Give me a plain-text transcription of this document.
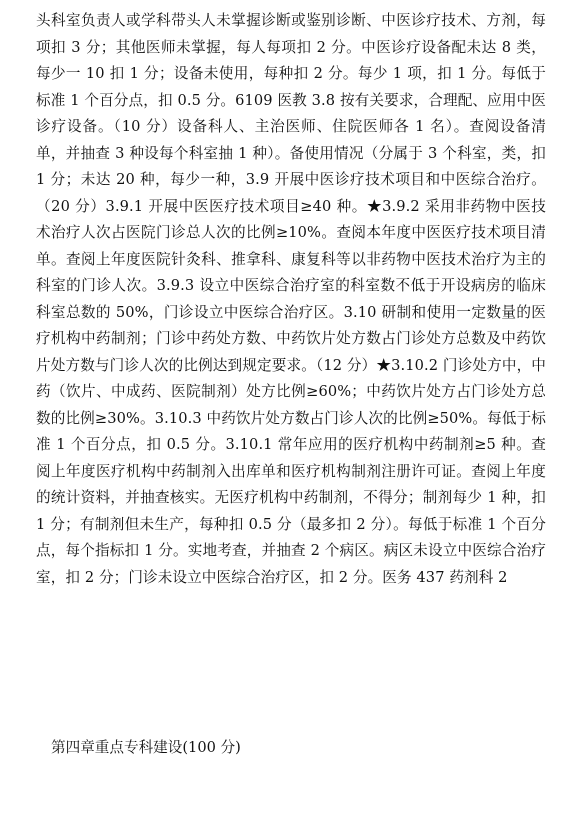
头科室负责人或学科带头人未掌握诊断或鉴别诊断、中医诊疗技术、方剂，每项扣 3 分；其他医师未掌握，每人每项扣 2 分。中医诊疗设备配未达 8 类，每少一 10 扣 1 分；设备未使用，每种扣 2 分。每少 1 项，扣 1 分。每低于标准 1 个百分点，扣 0.5 分。6109 医教 3.8 按有关要求，合理配、应用中医诊疗设备。（10 分）设备科人、主治医师、住院医师各 1 名）。查阅设备清单，并抽查 3 种设每个科室抽 1 种）。备使用情况（分属于 3 个科室，类，扣 1 分；未达 20 种，每少一种，3.9 开展中医诊疗技术项目和中医综合治疗。（20 分）3.9.1 开展中医医疗技术项目≥40 种。★3.9.2 采用非药物中医技术治疗人次占医院门诊总人次的比例≥10%。查阅本年度中医医疗技术项目清单。查阅上年度医院针灸科、推拿科、康复科等以非药物中医技术治疗为主的科室的门诊人次。3.9.3 设立中医综合治疗室的科室数不低于开设病房的临床科室总数的 50%，门诊设立中医综合治疗区。3.10 研制和使用一定数量的医疗机构中药制剂；门诊中药处方数、中药饮片处方数占门诊处方总数及中药饮片处方数与门诊人次的比例达到规定要求。（12 分）★3.10.2 门诊处方中，中药（饮片、中成药、医院制剂）处方比例≥60%；中药饮片处方占门诊处方总数的比例≥30%。3.10.3 中药饮片处方数占门诊人次的比例≥50%。每低于标准 1 个百分点，扣 0.5 分。3.10.1 常年应用的医疗机构中药制剂≥5 种。查阅上年度医疗机构中药制剂入出库单和医疗机构制剂注册许可证。查阅上年度的统计资料，并抽查核实。无医疗机构中药制剂，不得分；制剂每少 1 种，扣 1 分；有制剂但未生产，每种扣 0.5 分（最多扣 2 分）。每低于标准 1 个百分点，每个指标扣 1 分。实地考查，并抽查 2 个病区。病区未设立中医综合治疗室，扣 2 分；门诊未设立中医综合治疗区，扣 2 分。医务 437 药剂科 2

第四章重点专科建设(100 分)
